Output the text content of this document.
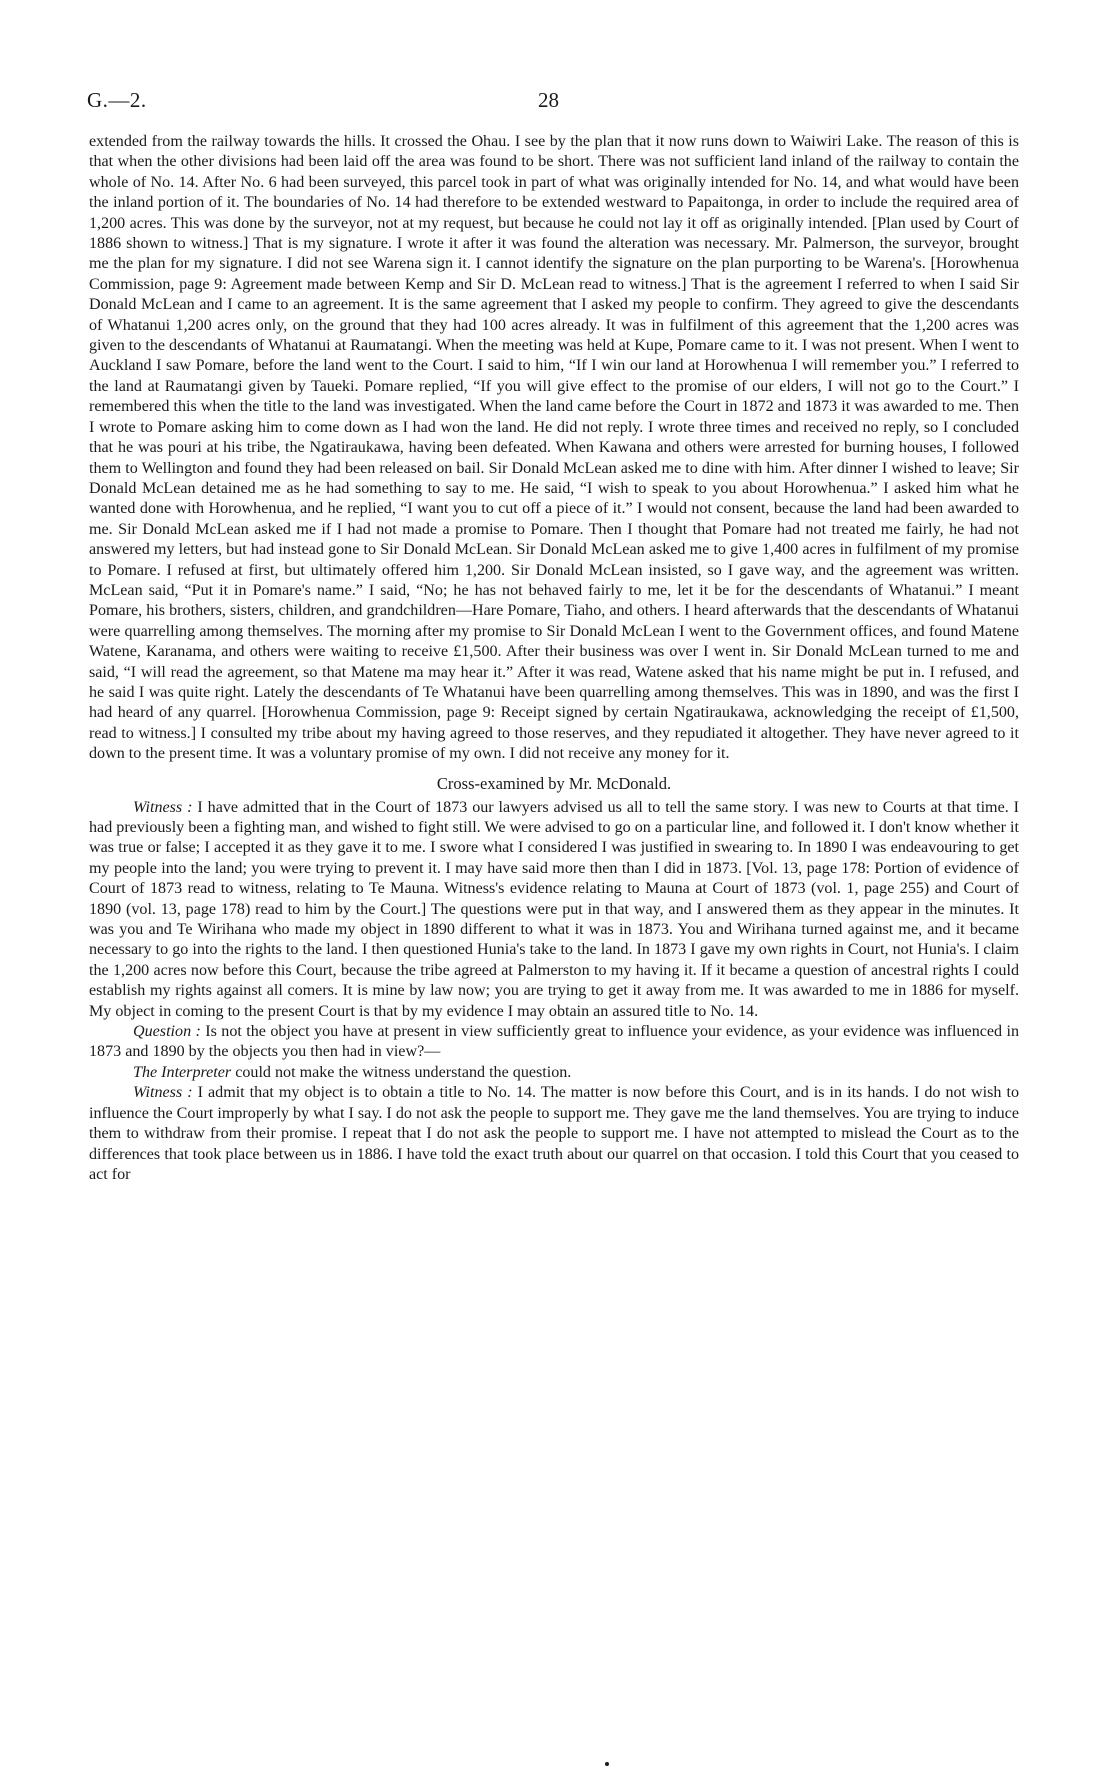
G.—2.	28

extended from the railway towards the hills. It crossed the Ohau. I see by the plan that it now runs down to Waiwiri Lake. The reason of this is that when the other divisions had been laid off the area was found to be short. There was not sufficient land inland of the railway to contain the whole of No. 14. After No. 6 had been surveyed, this parcel took in part of what was originally intended for No. 14, and what would have been the inland portion of it. The boundaries of No. 14 had therefore to be extended westward to Papaitonga, in order to include the required area of 1,200 acres. This was done by the surveyor, not at my request, but because he could not lay it off as originally intended. [Plan used by Court of 1886 shown to witness.] That is my signature. I wrote it after it was found the alteration was necessary. Mr. Palmerson, the surveyor, brought me the plan for my signature. I did not see Warena sign it. I cannot identify the signature on the plan purporting to be Warena's. [Horowhenua Commission, page 9: Agreement made between Kemp and Sir D. McLean read to witness.] That is the agreement I referred to when I said Sir Donald McLean and I came to an agreement. It is the same agreement that I asked my people to confirm. They agreed to give the descendants of Whatanui 1,200 acres only, on the ground that they had 100 acres already. It was in fulfilment of this agreement that the 1,200 acres was given to the descendants of Whatanui at Raumatangi. When the meeting was held at Kupe, Pomare came to it. I was not present. When I went to Auckland I saw Pomare, before the land went to the Court. I said to him, “If I win our land at Horowhenua I will remember you.” I referred to the land at Raumatangi given by Taueki. Pomare replied, “If you will give effect to the promise of our elders, I will not go to the Court.” I remembered this when the title to the land was investigated. When the land came before the Court in 1872 and 1873 it was awarded to me. Then I wrote to Pomare asking him to come down as I had won the land. He did not reply. I wrote three times and received no reply, so I concluded that he was pouri at his tribe, the Ngatiraukawa, having been defeated. When Kawana and others were arrested for burning houses, I followed them to Wellington and found they had been released on bail. Sir Donald McLean asked me to dine with him. After dinner I wished to leave; Sir Donald McLean detained me as he had something to say to me. He said, “I wish to speak to you about Horowhenua.” I asked him what he wanted done with Horowhenua, and he replied, “I want you to cut off a piece of it.” I would not consent, because the land had been awarded to me. Sir Donald McLean asked me if I had not made a promise to Pomare. Then I thought that Pomare had not treated me fairly, he had not answered my letters, but had instead gone to Sir Donald McLean. Sir Donald McLean asked me to give 1,400 acres in fulfilment of my promise to Pomare. I refused at first, but ultimately offered him 1,200. Sir Donald McLean insisted, so I gave way, and the agreement was written. McLean said, “Put it in Pomare's name.” I said, “No; he has not behaved fairly to me, let it be for the descendants of Whatanui.” I meant Pomare, his brothers, sisters, children, and grandchildren—Hare Pomare, Tiaho, and others. I heard afterwards that the descendants of Whatanui were quarrelling among themselves. The morning after my promise to Sir Donald McLean I went to the Government offices, and found Matene Watene, Karanama, and others were waiting to receive £1,500. After their business was over I went in. Sir Donald McLean turned to me and said, “I will read the agreement, so that Matene ma may hear it.” After it was read, Watene asked that his name might be put in. I refused, and he said I was quite right. Lately the descendants of Te Whatanui have been quarrelling among themselves. This was in 1890, and was the first I had heard of any quarrel. [Horowhenua Commission, page 9: Receipt signed by certain Ngatiraukawa, acknowledging the receipt of £1,500, read to witness.] I consulted my tribe about my having agreed to those reserves, and they repudiated it altogether. They have never agreed to it down to the present time. It was a voluntary promise of my own. I did not receive any money for it.

Cross-examined by Mr. McDonald.

Witness : I have admitted that in the Court of 1873 our lawyers advised us all to tell the same story. I was new to Courts at that time. I had previously been a fighting man, and wished to fight still. We were advised to go on a particular line, and followed it. I don't know whether it was true or false; I accepted it as they gave it to me. I swore what I considered I was justified in swearing to. In 1890 I was endeavouring to get my people into the land; you were trying to prevent it. I may have said more then than I did in 1873. [Vol. 13, page 178: Portion of evidence of Court of 1873 read to witness, relating to Te Mauna. Witness's evidence relating to Mauna at Court of 1873 (vol. 1, page 255) and Court of 1890 (vol. 13, page 178) read to him by the Court.] The questions were put in that way, and I answered them as they appear in the minutes. It was you and Te Wirihana who made my object in 1890 different to what it was in 1873. You and Wirihana turned against me, and it became necessary to go into the rights to the land. I then questioned Hunia's take to the land. In 1873 I gave my own rights in Court, not Hunia's. I claim the 1,200 acres now before this Court, because the tribe agreed at Palmerston to my having it. If it became a question of ancestral rights I could establish my rights against all comers. It is mine by law now; you are trying to get it away from me. It was awarded to me in 1886 for myself. My object in coming to the present Court is that by my evidence I may obtain an assured title to No. 14.

Question : Is not the object you have at present in view sufficiently great to influence your evidence, as your evidence was influenced in 1873 and 1890 by the objects you then had in view?—

The Interpreter could not make the witness understand the question.

Witness : I admit that my object is to obtain a title to No. 14. The matter is now before this Court, and is in its hands. I do not wish to influence the Court improperly by what I say. I do not ask the people to support me. They gave me the land themselves. You are trying to induce them to withdraw from their promise. I repeat that I do not ask the people to support me. I have not attempted to mislead the Court as to the differences that took place between us in 1886. I have told the exact truth about our quarrel on that occasion. I told this Court that you ceased to act for
